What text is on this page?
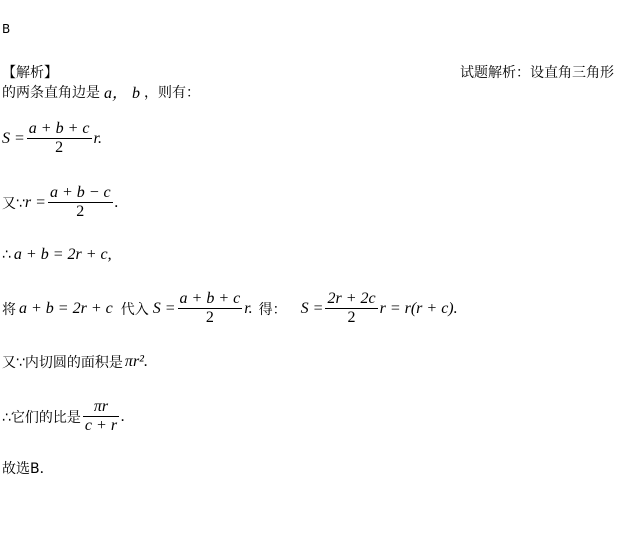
B
【解析】	试题解析：设直角三角形
的两条直角边是 a， b ，则有：
$S = \frac{a + b + c}{2} r$.
又∵ $r = \frac{a + b - c}{2}$ .
∴ a + b = 2r + c,
将 a + b = 2r + c 代入 $S = \frac{a + b + c}{2} r$. 得： $S = \frac{2r + 2c}{2}$ r = r(r + c).
又∵内切圆的面积是 πr².
∴它们的比是 $\frac{\pi r}{c + r}$ .
故选B．
